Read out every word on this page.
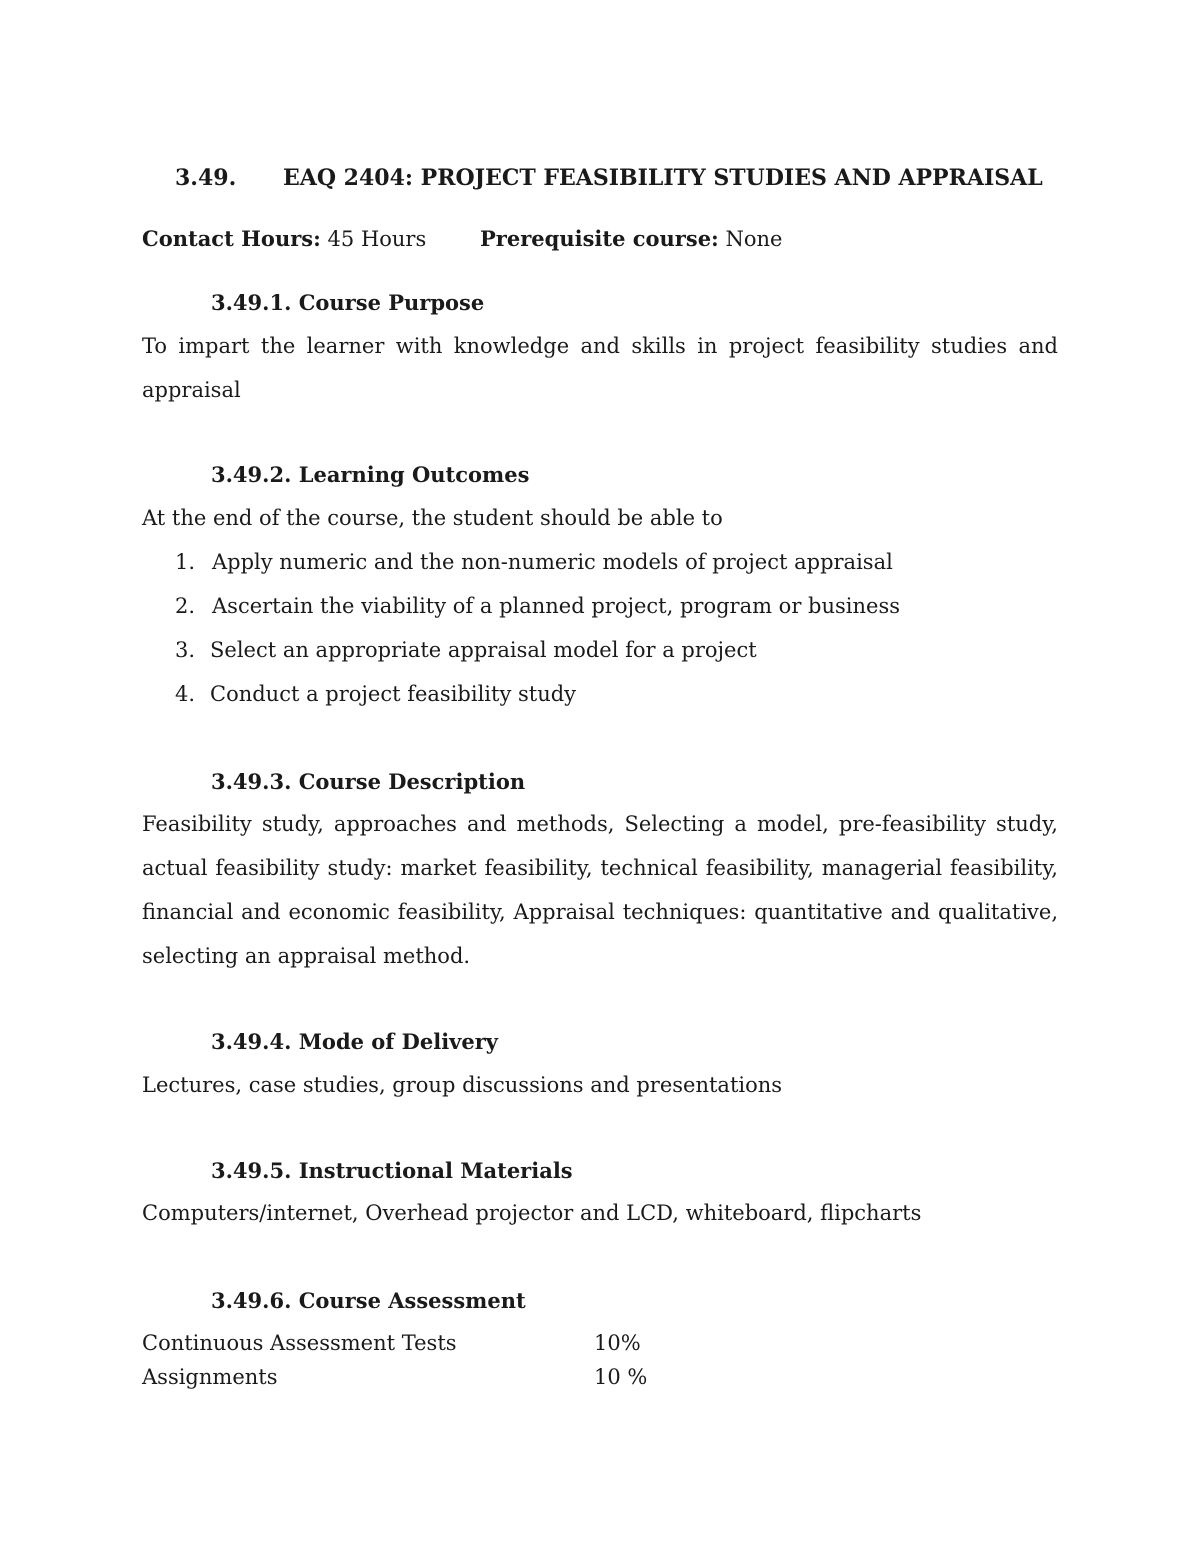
3.49. EAQ 2404: PROJECT FEASIBILITY STUDIES AND APPRAISAL
Contact Hours: 45 Hours	Prerequisite course: None
3.49.1. Course Purpose
To impart the learner with knowledge and skills in project feasibility studies and appraisal
3.49.2. Learning Outcomes
At the end of the course, the student should be able to
1. Apply numeric and the non-numeric models of project appraisal
2. Ascertain the viability of a planned project, program or business
3. Select an appropriate appraisal model for a project
4. Conduct a project feasibility study
3.49.3. Course Description
Feasibility study, approaches and methods, Selecting a model, pre-feasibility study, actual feasibility study: market feasibility, technical feasibility, managerial feasibility, financial and economic feasibility, Appraisal techniques: quantitative and qualitative, selecting an appraisal method.
3.49.4. Mode of Delivery
Lectures, case studies, group discussions and presentations
3.49.5. Instructional Materials
Computers/internet, Overhead projector and LCD, whiteboard, flipcharts
3.49.6. Course Assessment
Continuous Assessment Tests	10%
Assignments	10 %
